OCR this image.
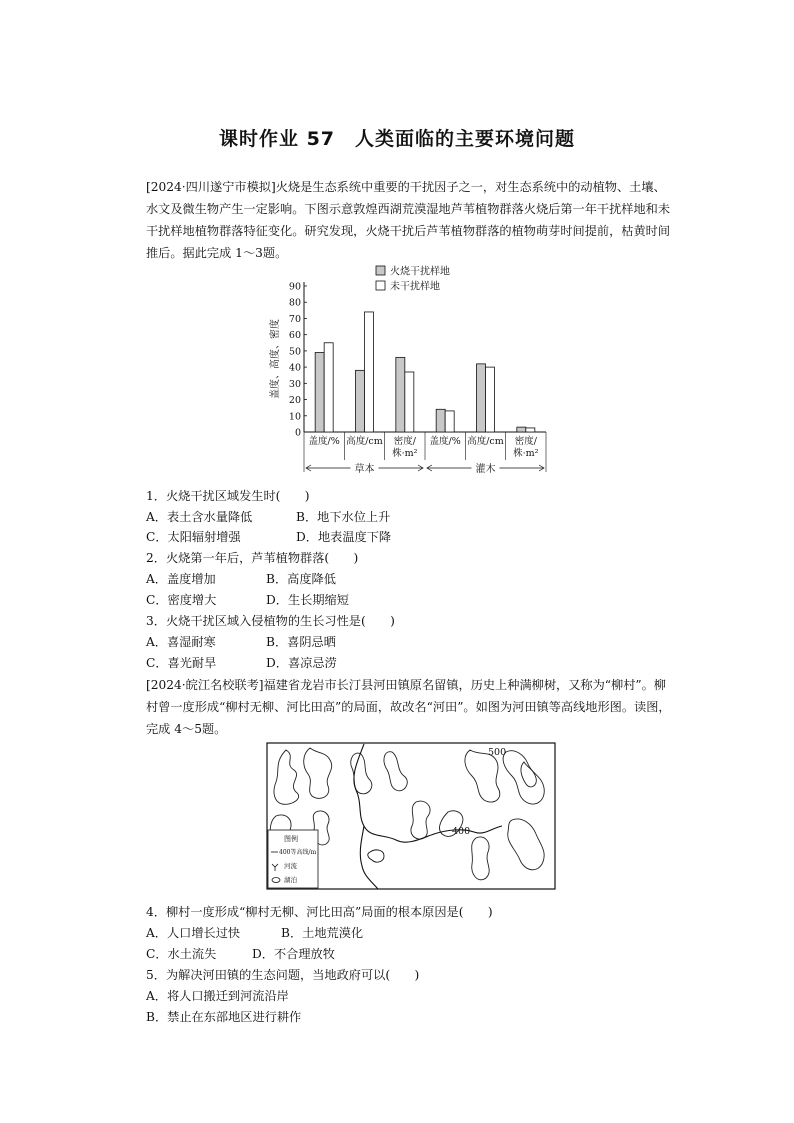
课时作业 57　人类面临的主要环境问题

[2024·四川遂宁市模拟]火烧是生态系统中重要的干扰因子之一，对生态系统中的动植物、土壤、水文及微生物产生一定影响。下图示意敦煌西湖荒漠湿地芦苇植物群落火烧后第一年干扰样地和未干扰样地植物群落特征变化。研究发现，火烧干扰后芦苇植物群落的植物萌芽时间提前，枯黄时间推后。据此完成 1～3题。

0
10
20
30
40
50
60
70
80
90
盖度、高度、密度
盖度/% 高度/cm 密度/
株·m²
盖度/% 高度/cm 密度/
株·m²
草本	灌木
火烧干扰样地
未干扰样地
1．火烧干扰区域发生时(　　)
A．表土含水量降低	B．地下水位上升
C．太阳辐射增强	D．地表温度下降
2．火烧第一年后，芦苇植物群落(　　)
A．盖度增加	B．高度降低
C．密度增大	D．生长期缩短
3．火烧干扰区域入侵植物的生长习性是(　　)
A．喜湿耐寒	B．喜阴忌晒
C．喜光耐旱	D．喜凉忌涝

[2024·皖江名校联考]福建省龙岩市长汀县河田镇原名留镇，历史上种满柳树，又称为“柳村”。柳村曾一度形成“柳村无柳、河比田高”的局面，故改名“河田”。如图为河田镇等高线地形图。读图，完成 4～5题。

500
400
图例
400等高线/m
河流
湖泊
4．柳村一度形成“柳村无柳、河比田高”局面的根本原因是(　　)
A．人口增长过快	B．土地荒漠化
C．水土流失	D．不合理放牧
5．为解决河田镇的生态问题，当地政府可以(　　)
A．将人口搬迁到河流沿岸
B．禁止在东部地区进行耕作
